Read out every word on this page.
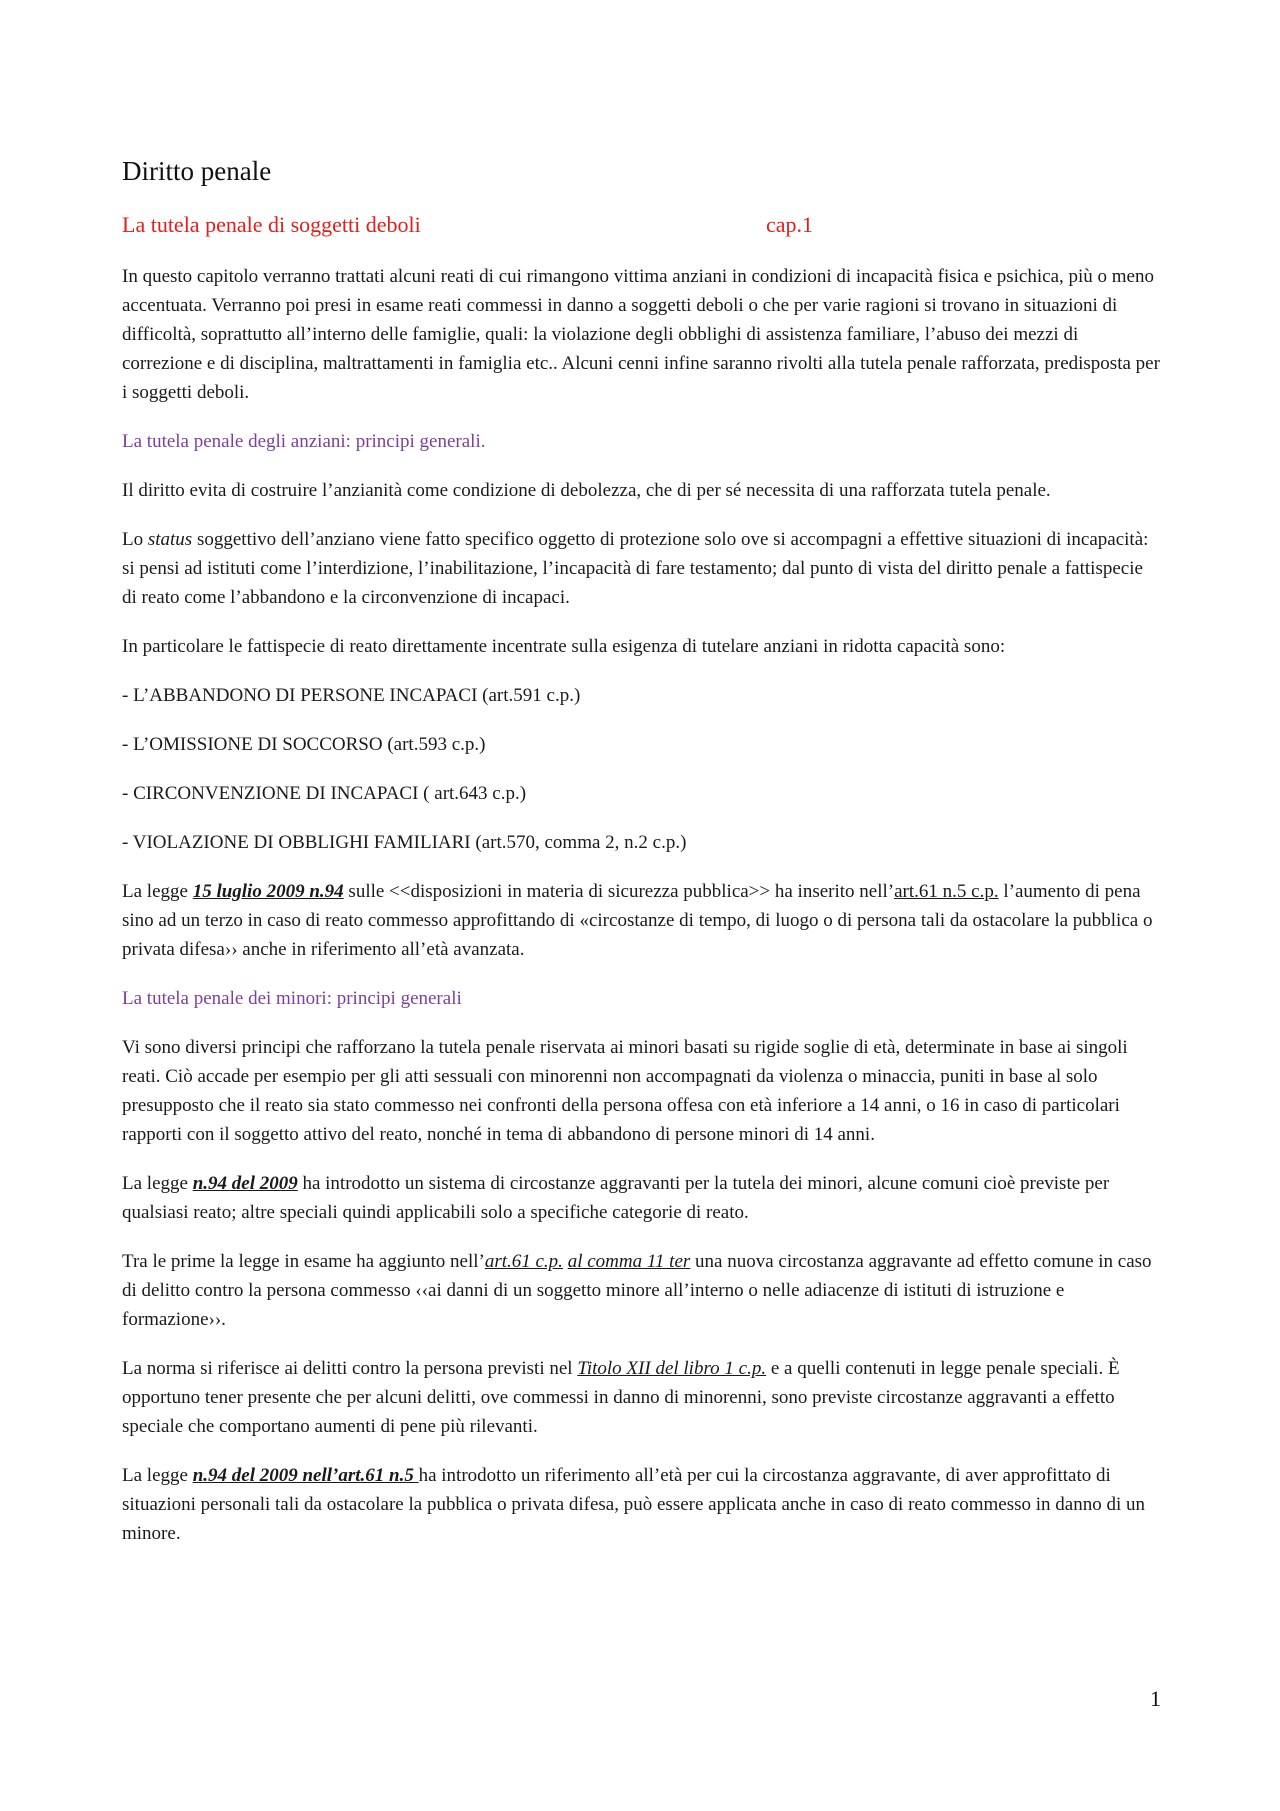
Diritto penale
La tutela penale di soggetti deboli	cap.1

In questo capitolo verranno trattati alcuni reati di cui rimangono vittima anziani in condizioni di incapacità fisica e psichica, più o meno accentuata. Verranno poi presi in esame reati commessi in danno a soggetti deboli o che per varie ragioni si trovano in situazioni di difficoltà, soprattutto all’interno delle famiglie, quali: la violazione degli obblighi di assistenza familiare, l’abuso dei mezzi di correzione e di disciplina, maltrattamenti in famiglia etc.. Alcuni cenni infine saranno rivolti alla tutela penale rafforzata, predisposta per i soggetti deboli.

La tutela penale degli anziani: principi generali.

Il diritto evita di costruire l’anzianità come condizione di debolezza, che di per sé necessita di una rafforzata tutela penale.

Lo status soggettivo dell’anziano viene fatto specifico oggetto di protezione solo ove si accompagni a effettive situazioni di incapacità: si pensi ad istituti come l’interdizione, l’inabilitazione, l’incapacità di fare testamento; dal punto di vista del diritto penale a fattispecie di reato come l’abbandono e la circonvenzione di incapaci.

In particolare le fattispecie di reato direttamente incentrate sulla esigenza di tutelare anziani in ridotta capacità sono:

- L’ABBANDONO DI PERSONE INCAPACI (art.591 c.p.)
- L’OMISSIONE DI SOCCORSO (art.593 c.p.)
- CIRCONVENZIONE DI INCAPACI ( art.643 c.p.)
- VIOLAZIONE DI OBBLIGHI FAMILIARI (art.570, comma 2, n.2 c.p.)

La legge 15 luglio 2009 n.94 sulle <<disposizioni in materia di sicurezza pubblica>> ha inserito nell’art.61 n.5 c.p. l’aumento di pena sino ad un terzo in caso di reato commesso approfittando di «circostanze di tempo, di luogo o di persona tali da ostacolare la pubblica o privata difesa›› anche in riferimento all’età avanzata.

La tutela penale dei minori: principi generali

Vi sono diversi principi che rafforzano la tutela penale riservata ai minori basati su rigide soglie di età, determinate in base ai singoli reati. Ciò accade per esempio per gli atti sessuali con minorenni non accompagnati da violenza o minaccia, puniti in base al solo presupposto che il reato sia stato commesso nei confronti della persona offesa con età inferiore a 14 anni, o 16 in caso di particolari rapporti con il soggetto attivo del reato, nonché in tema di abbandono di persone minori di 14 anni.

La legge n.94 del 2009 ha introdotto un sistema di circostanze aggravanti per la tutela dei minori, alcune comuni cioè previste per qualsiasi reato; altre speciali quindi applicabili solo a specifiche categorie di reato.

Tra le prime la legge in esame ha aggiunto nell’art.61 c.p. al comma 11 ter una nuova circostanza aggravante ad effetto comune in caso di delitto contro la persona commesso ‹‹ai danni di un soggetto minore all’interno o nelle adiacenze di istituti di istruzione e formazione››.

La norma si riferisce ai delitti contro la persona previsti nel Titolo XII del libro 1 c.p. e a quelli contenuti in legge penale speciali. È opportuno tener presente che per alcuni delitti, ove commessi in danno di minorenni, sono previste circostanze aggravanti a effetto speciale che comportano aumenti di pene più rilevanti.

La legge n.94 del 2009 nell’art.61 n.5 ha introdotto un riferimento all’età per cui la circostanza aggravante, di aver approfittato di situazioni personali tali da ostacolare la pubblica o privata difesa, può essere applicata anche in caso di reato commesso in danno di un minore.

1
